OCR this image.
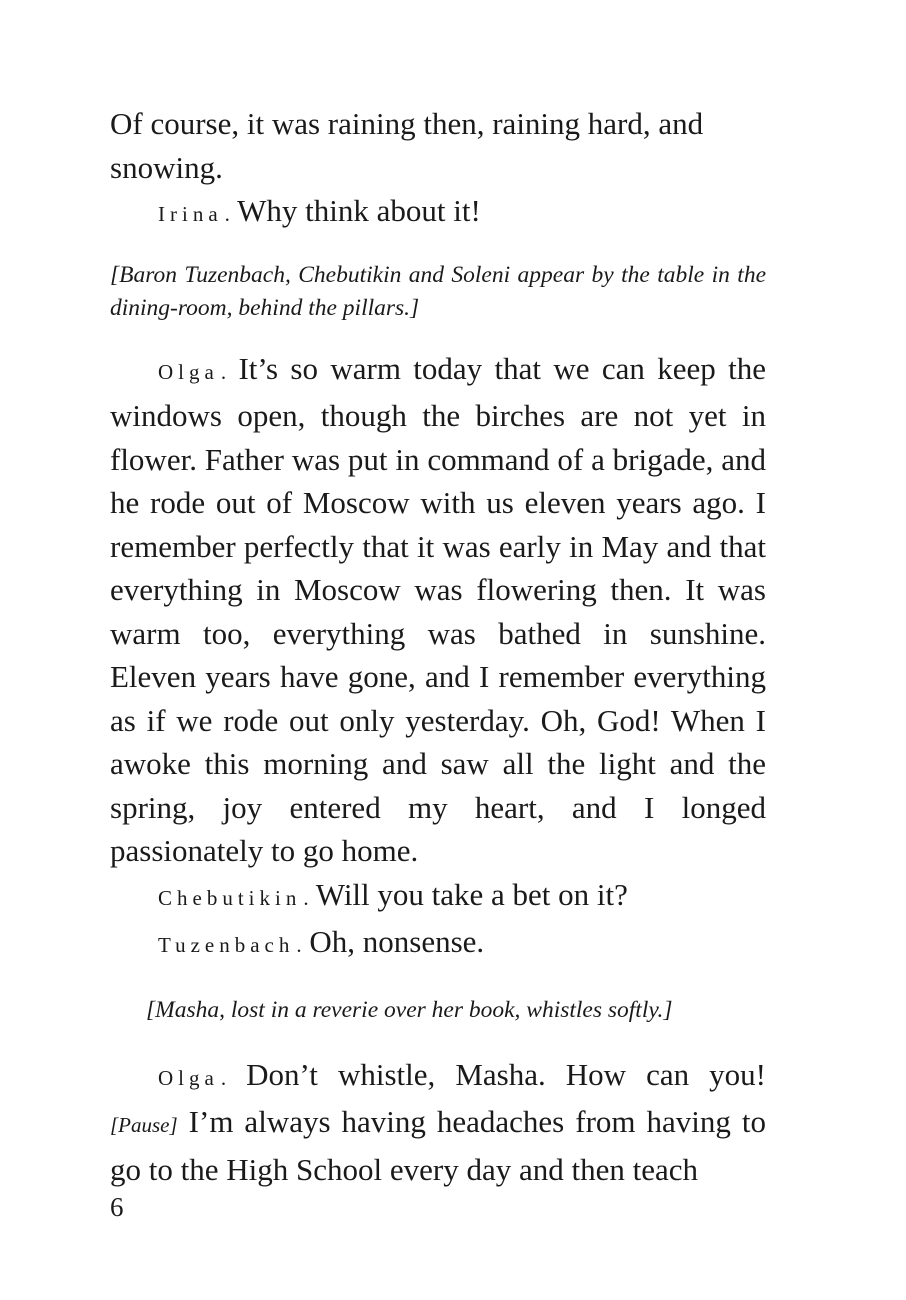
Of course, it was raining then, raining hard, and snowing.

Irina. Why think about it!

[Baron Tuzenbach, Chebutikin and Soleni appear by the table in the dining-room, behind the pillars.]

Olga. It’s so warm today that we can keep the windows open, though the birches are not yet in flower. Father was put in command of a brigade, and he rode out of Moscow with us eleven years ago. I remember perfectly that it was early in May and that everything in Moscow was flowering then. It was warm too, everything was bathed in sunshine. Eleven years have gone, and I remember everything as if we rode out only yesterday. Oh, God! When I awoke this morning and saw all the light and the spring, joy entered my heart, and I longed passionately to go home.

Chebutikin. Will you take a bet on it?

Tuzenbach. Oh, nonsense.

[Masha, lost in a reverie over her book, whistles softly.]

Olga. Don’t whistle, Masha. How can you! [Pause] I’m always having headaches from having to go to the High School every day and then teach

6
